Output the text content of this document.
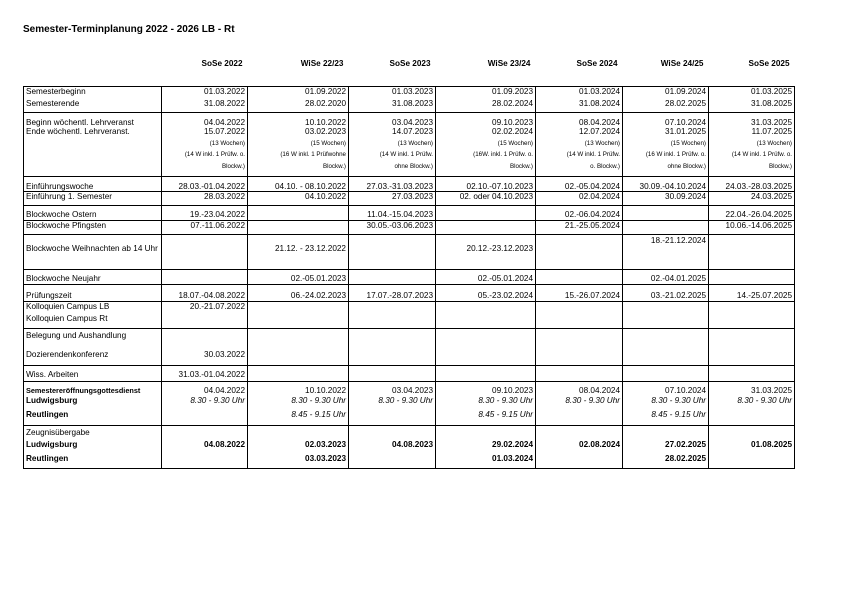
Semester-Terminplanung 2022 - 2026 LB - Rt
	SoSe 2022	WiSe 22/23	SoSe 2023	WiSe 23/24	SoSe 2024	WiSe 24/25	SoSe 2025
Semesterbeginn	01.03.2022	01.09.2022	01.03.2023	01.09.2023	01.03.2024	01.09.2024	01.03.2025
Semesterende	31.08.2022	28.02.2020	31.08.2023	28.02.2024	31.08.2024	28.02.2025	31.08.2025
Beginn wöchentl. Lehrveranst	04.04.2022	10.10.2022	03.04.2023	09.10.2023	08.04.2024	07.10.2024	31.03.2025
Ende wöchentl. Lehrveranst.	15.07.2022	03.02.2023	14.07.2023	02.02.2024	12.07.2024	31.01.2025	11.07.2025
	(13 Wochen)	(15 Wochen)	(13 Wochen)	(15 Wochen)	(13 Wochen)	(15 Wochen)	(13 Wochen)
	(14 W inkl. 1 Prüfw. o.	(16 W inkl. 1 Prüfwohne	(14 W inkl. 1 Prüfw.	(16W. inkl. 1 Prüfw. o.	(14 W inkl. 1 Prüfw.	(16 W inkl. 1 Prüfw. o.	(14 W inkl. 1 Prüfw. o.
	Blockw.)	Blockw.)	ohne Blockw.)	Blockw.)	o. Blockw.)	ohne Blockw.)	Blockw.)
Einführungswoche	28.03.-01.04.2022	04.10. - 08.10.2022	27.03.-31.03.2023	02.10.-07.10.2023	02.-05.04.2024	30.09.-04.10.2024	24.03.-28.03.2025
Einführung 1. Semester	28.03.2022	04.10.2022	27.03.2023	02. oder 04.10.2023	02.04.2024	30.09.2024	24.03.2025
Blockwoche Ostern	19.-23.04.2022		11.04.-15.04.2023		02.-06.04.2024		22.04.-26.04.2025
Blockwoche Pfingsten	07.-11.06.2022		30.05.-03.06.2023		21.-25.05.2024		10.06.-14.06.2025
Blockwoche Weihnachten ab 14 Uhr		21.12. - 23.12.2022		20.12.-23.12.2023		18.-21.12.2024	
Blockwoche Neujahr		02.-05.01.2023		02.-05.01.2024		02.-04.01.2025	
Prüfungszeit	18.07.-04.08.2022	06.-24.02.2023	17.07.-28.07.2023	05.-23.02.2024	15.-26.07.2024	03.-21.02.2025	14.-25.07.2025
Kolloquien Campus LB	20.-21.07.2022						
Kolloquien Campus Rt							
Belegung und Aushandlung							
Dozierendenkonferenz	30.03.2022						
Wiss. Arbeiten	31.03.-01.04.2022						
Semestereröffnungsgottesdienst	04.04.2022	10.10.2022	03.04.2023	09.10.2023	08.04.2024	07.10.2024	31.03.2025
Ludwigsburg	8.30 - 9.30 Uhr	8.30 - 9.30 Uhr	8.30 - 9.30 Uhr	8.30 - 9.30 Uhr	8.30 - 9.30 Uhr	8.30 - 9.30 Uhr	8.30 - 9.30 Uhr
Reutlingen		8.45 - 9.15 Uhr		8.45 - 9.15 Uhr		8.45 - 9.15 Uhr	
Zeugnisübergabe							
Ludwigsburg	04.08.2022	02.03.2023	04.08.2023	29.02.2024	02.08.2024	27.02.2025	01.08.2025
Reutlingen		03.03.2023		01.03.2024		28.02.2025	
